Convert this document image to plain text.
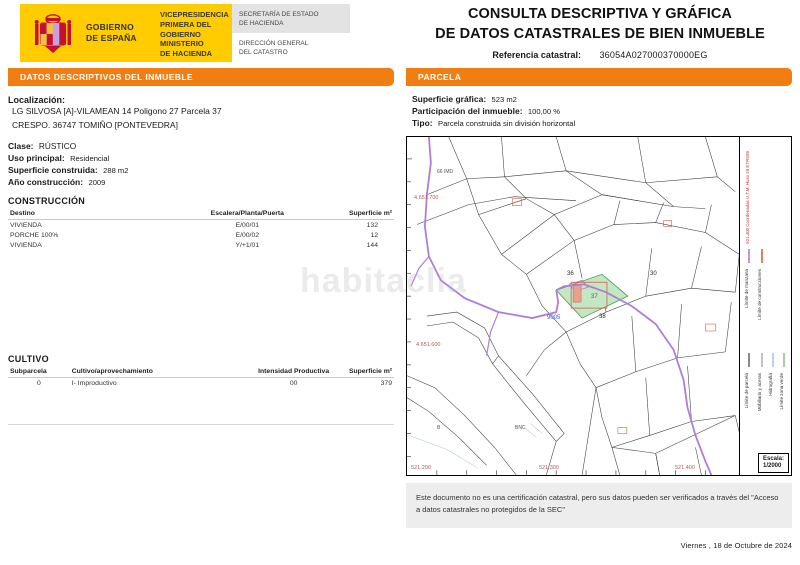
GOBIERNO
DE ESPAÑA
VICEPRESIDENCIA
PRIMERA DEL GOBIERNO
MINISTERIO
DE HACIENDA
SECRETARÍA DE ESTADO
DE HACIENDA
DIRECCIÓN GENERAL
DEL CATASTRO
CONSULTA DESCRIPTIVA Y GRÁFICA
DE DATOS CATASTRALES DE BIEN INMUEBLE
Referencia catastral: 36054A027000370000EG
DATOS DESCRIPTIVOS DEL INMUEBLE
Localización:
LG SILVOSA [A]-VILAMEAN 14 Poligono 27 Parcela 37
CRESPO. 36747 TOMIÑO [PONTEVEDRA]
Clase: RÚSTICO
Uso principal: Residencial
Superficie construida: 288 m2
Año construcción: 2009
CONSTRUCCIÓN
Destino	Escalera/Planta/Puerta	Superficie m²
VIVIENDA	E/00/01	132
PORCHE 100%	E/00/02	12
VIVIENDA	Y/+1/01	144
CULTIVO
Subparcela	Cultivo/aprovechamiento	Intensidad Productiva	Superficie m²
0	I- Improductivo	00	379
PARCELA
Superficie gráfica: 523 m2
Participación del inmueble: 100,00 %
Tipo: Parcela construida sin división horizontal
4.651.700
4.651.600
521.200	521.300	521.400
36
37
38
30
9005
66 IMD
B	BNC
Límite de manzana Límite de construcciones
Límite de parcela Mobiliario y aceras Hidrografía Límite zona verde
521.400 Coordenadas U.T.M. Huso 29 ETRS89
Escala:
1/2000
Este documento no es una certificación catastral, pero sus datos pueden ser verificados a través del "Acceso a datos catastrales no protegidos de la SEC"
Viernes , 18 de Octubre de 2024
habitaclia
